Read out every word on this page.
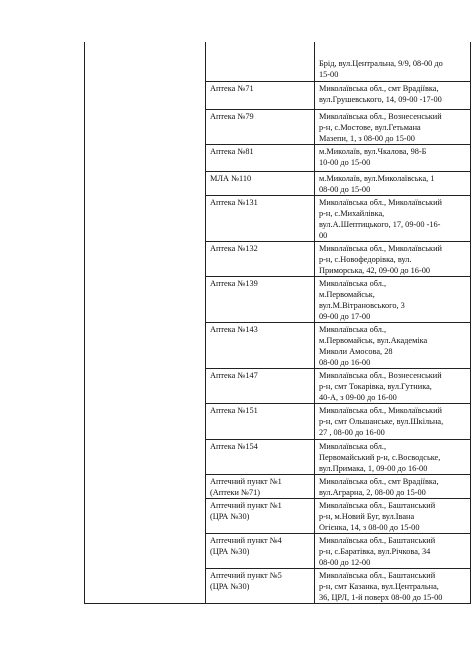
		Брід, вул.Центральна, 9/9, 08-00 до
15-00

	Аптека №71	Миколаївська обл., смт Врадіївка,
вул.Грушевського, 14, 09-00 -17-00

	Аптека №79	Миколаївська обл., Вознесенський
р-н, с.Мостове, вул.Гетьмана
Мазепи, 1, з 08-00 до 15-00

	Аптека №81	м.Миколаїв, вул.Чкалова, 98-Б
10-00 до 15-00

	МЛА №110	м.Миколаїв, вул.Миколаївська, 1
08-00 до 15-00

	Аптека №131	Миколаївська обл., Миколаївський
р-н, с.Михайлівка,
вул.А.Шептицького, 17, 09-00 -16-
00

	Аптека №132	Миколаївська обл., Миколаївський
р-н, с.Новофедорівка, вул.
Приморська, 42, 09-00 до 16-00

	Аптека №139	Миколаївська обл.,
м.Первомайськ,
вул.М.Вітрановського, 3
09-00 до 17-00

	Аптека №143	Миколаївська обл.,
м.Первомайськ, вул.Академіка
Миколи Амосова, 28
08-00 до 16-00

	Аптека №147	Миколаївська обл., Вознесенський
р-н, смт Токарівка, вул.Гутника,
40-А, з 09-00 до 16-00

	Аптека №151	Миколаївська обл., Миколаївський
р-н, смт Ольшанське, вул.Шкільна,
27 , 08-00 до 16-00

	Аптека №154	Миколаївська обл.,
Первомайський р-н, с.Восводське,
вул.Примака, 1, 09-00 до 16-00

	Аптечний пункт №1
(Аптеки №71)	Миколаївська обл., смт Врадіївка,
вул.Аграрна, 2, 08-00 до 15-00

	Аптечний пункт №1
(ЦРА №30)	Миколаївська обл., Баштанський
р-н, м.Новий Буг, вул.Івана
Огієнка, 14, з 08-00 до 15-00

	Аптечний пункт №4
(ЦРА №30)	Миколаївська обл., Баштанський
р-н, с.Баратівка, вул.Річкова, 34
08-00 до 12-00

	Аптечний пункт №5
(ЦРА №30)	Миколаївська обл., Баштанський
р-н, смт Казанка, вул.Центральна,
36, ЦРЛ, 1-й поверх 08-00 до 15-00
